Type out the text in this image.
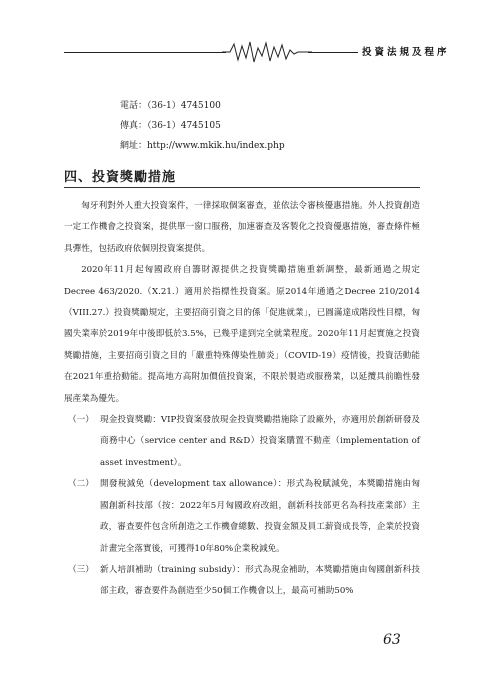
投資法規及程序
電話：（36-1）4745100
傳真：（36-1）4745105
網址：http://www.mkik.hu/index.php
四、投資獎勵措施

匈牙利對外人重大投資案件，一律採取個案審查，並依法令審核優惠措施。外人投資創造一定工作機會之投資案，提供單一窗口服務，加速審查及客製化之投資優惠措施，審查條件極具彈性，包括政府依個別投資案提供。

2020年11月起匈國政府自籌財源提供之投資獎勵措施重新調整，最新通過之規定Decree 463/2020.（X.21.）適用於指標性投資案。原2014年通過之Decree 210/2014（VIII.27.）投資獎勵規定，主要招商引資之目的係「促進就業」，已圓滿達成階段性目標，匈國失業率於2019年中後即低於3.5%，已幾乎達到完全就業程度。2020年11月起實施之投資獎勵措施，主要招商引資之目的「嚴重特殊傳染性肺炎」（COVID-19）疫情後，投資活動能在2021年重拾動能。提高地方高附加價值投資案，不限於製造或服務業，以延攬具前瞻性發展產業為優先。

（一） 現金投資獎勵：VIP投資案發放現金投資獎勵措施除了設廠外，亦適用於創新研發及商務中心（service center and R&D）投資案購置不動產（implementation of asset investment）。
（二） 開發稅減免（development tax allowance）：形式為稅賦減免，本獎勵措施由匈國創新科技部（按：2022年5月匈國政府改組，創新科技部更名為科技產業部）主政，審查要件包含所創造之工作機會總數、投資金額及員工薪資成長等，企業於投資計畫完全落實後，可獲得10年80%企業稅減免。
（三） 新人培訓補助（training subsidy）：形式為現金補助，本獎勵措施由匈國創新科技部主政，審查要件為創造至少50個工作機會以上，最高可補助50%
63
